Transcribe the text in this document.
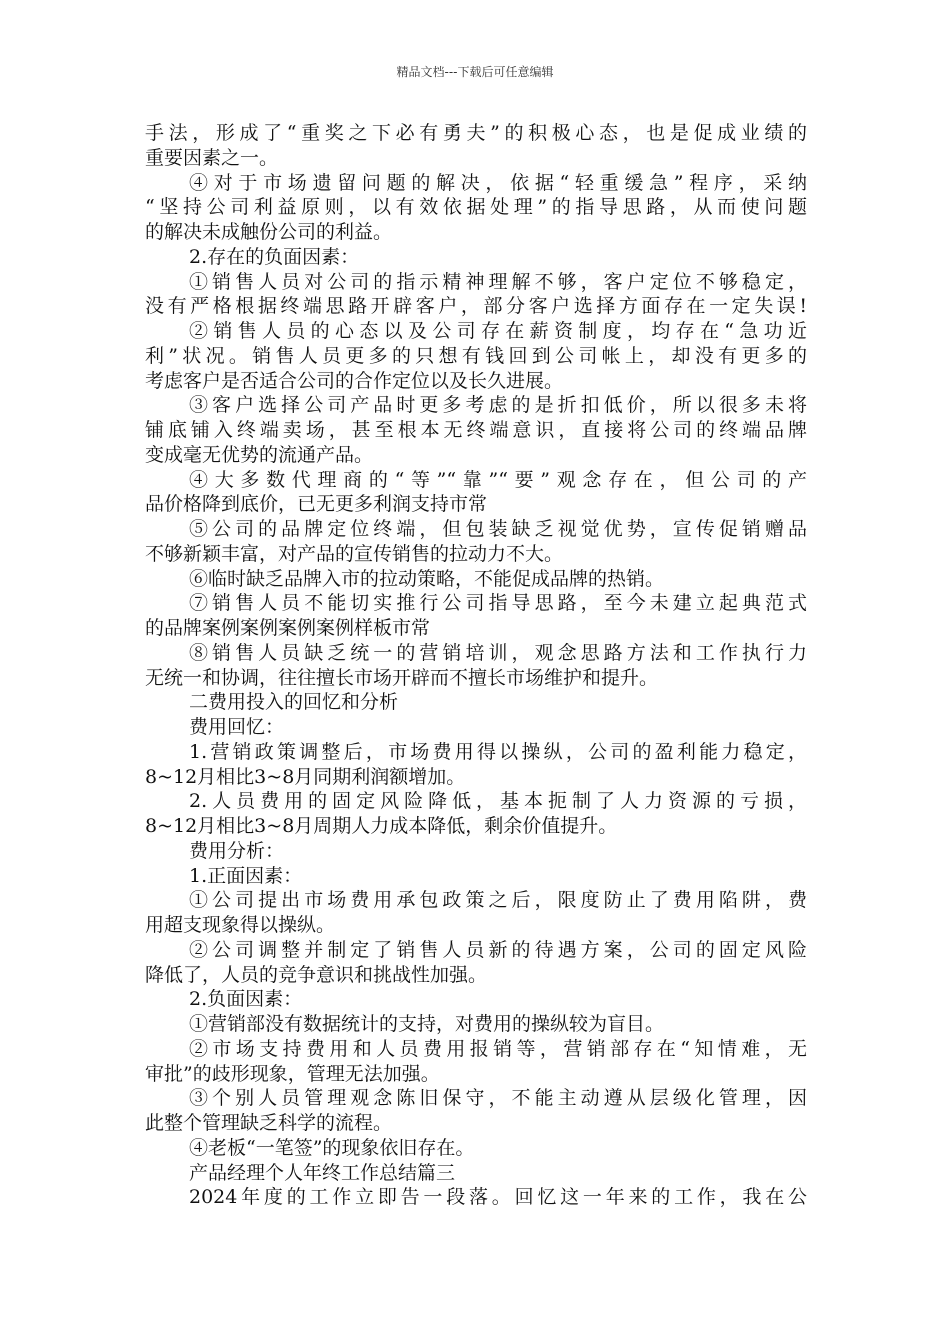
精品文档---下载后可任意编辑
手法，形成了“重奖之下必有勇夫”的积极心态，也是促成业绩的
重要因素之一。
④对于市场遗留问题的解决，依据“轻重缓急”程序，采纳
“坚持公司利益原则，以有效依据处理”的指导思路，从而使问题
的解决未成触份公司的利益。
2.存在的负面因素：
①销售人员对公司的指示精神理解不够，客户定位不够稳定，
没有严格根据终端思路开辟客户，部分客户选择方面存在一定失误!
②销售人员的心态以及公司存在薪资制度，均存在“急功近
利”状况。销售人员更多的只想有钱回到公司帐上，却没有更多的
考虑客户是否适合公司的合作定位以及长久进展。
③客户选择公司产品时更多考虑的是折扣低价，所以很多未将
铺底铺入终端卖场，甚至根本无终端意识，直接将公司的终端品牌
变成毫无优势的流通产品。
④大多数代理商的“等”“靠”“要”观念存在，但公司的产
品价格降到底价，已无更多利润支持市常
⑤公司的品牌定位终端，但包装缺乏视觉优势，宣传促销赠品
不够新颖丰富，对产品的宣传销售的拉动力不大。
⑥临时缺乏品牌入市的拉动策略，不能促成品牌的热销。
⑦销售人员不能切实推行公司指导思路，至今未建立起典范式
的品牌案例案例案例案例样板市常
⑧销售人员缺乏统一的营销培训，观念思路方法和工作执行力
无统一和协调，往往擅长市场开辟而不擅长市场维护和提升。
二费用投入的回忆和分析
费用回忆：
1.营销政策调整后，市场费用得以操纵，公司的盈利能力稳定，
8~12月相比3~8月同期利润额增加。
2.人员费用的固定风险降低，基本扼制了人力资源的亏损，
8~12月相比3~8月周期人力成本降低，剩余价值提升。
费用分析：
1.正面因素：
①公司提出市场费用承包政策之后，限度防止了费用陷阱，费
用超支现象得以操纵。
②公司调整并制定了销售人员新的待遇方案，公司的固定风险
降低了，人员的竞争意识和挑战性加强。
2.负面因素：
①营销部没有数据统计的支持，对费用的操纵较为盲目。
②市场支持费用和人员费用报销等，营销部存在“知情难，无
审批”的歧形现象，管理无法加强。
③个别人员管理观念陈旧保守，不能主动遵从层级化管理，因
此整个管理缺乏科学的流程。
④老板“一笔签”的现象依旧存在。
产品经理个人年终工作总结篇三
2024年度的工作立即告一段落。回忆这一年来的工作，我在公
